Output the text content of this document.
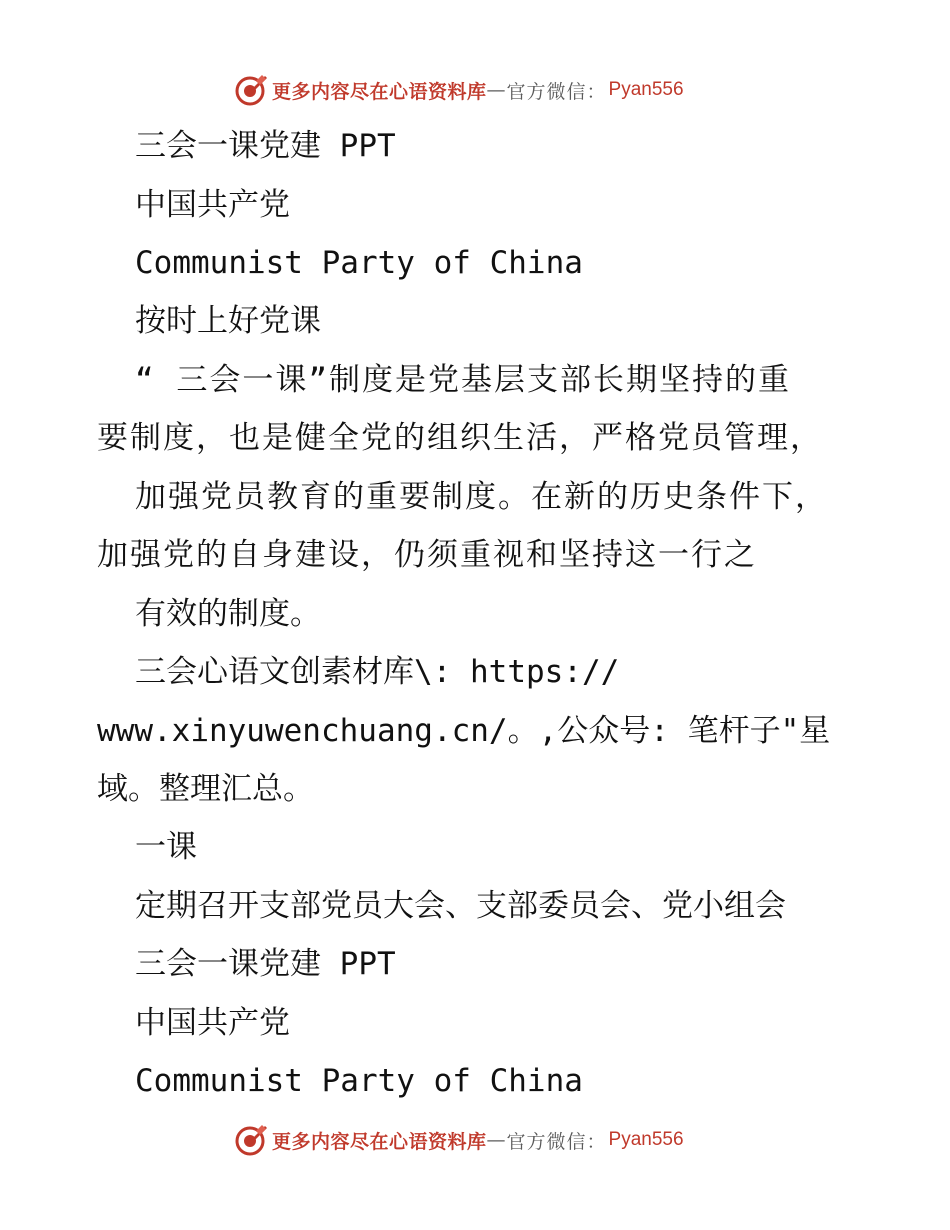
更多内容尽在心语资料库 — 官方微信： Pyan556
三会一课党建 PPT
中国共产党
Communist Party of China
按时上好党课
“ 三会一课”制度是党基层支部长期坚持的重
要制度，也是健全党的组织生活，严格党员管理，
加强党员教育的重要制度。在新的历史条件下，
加强党的自身建设，仍须重视和坚持这一行之
有效的制度。
三会心语文创素材库\: https://
www.xinyuwenchuang.cn/。,公众号: 笔杆子"星
域。整理汇总。
一课
定期召开支部党员大会、支部委员会、党小组会
三会一课党建 PPT
中国共产党
Communist Party of China
更多内容尽在心语资料库 — 官方微信： Pyan556
